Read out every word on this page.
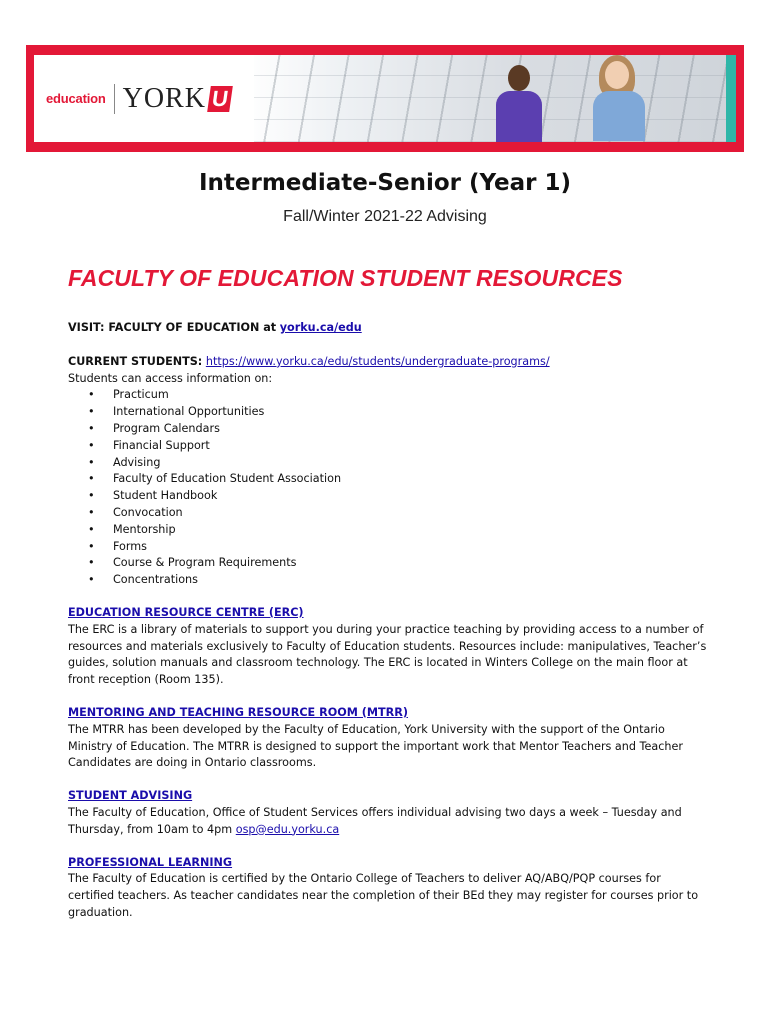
education YORK U
Intermediate-Senior (Year 1)
Fall/Winter 2021-22 Advising
FACULTY OF EDUCATION STUDENT RESOURCES
VISIT: FACULTY OF EDUCATION at yorku.ca/edu
CURRENT STUDENTS: https://www.yorku.ca/edu/students/undergraduate-programs/
Students can access information on:
• Practicum
• International Opportunities
• Program Calendars
• Financial Support
• Advising
• Faculty of Education Student Association
• Student Handbook
• Convocation
• Mentorship
• Forms
• Course & Program Requirements
• Concentrations
EDUCATION RESOURCE CENTRE (ERC)
The ERC is a library of materials to support you during your practice teaching by providing access to a number of resources and materials exclusively to Faculty of Education students. Resources include: manipulatives, Teacher’s guides, solution manuals and classroom technology. The ERC is located in Winters College on the main floor at front reception (Room 135).
MENTORING AND TEACHING RESOURCE ROOM (MTRR)
The MTRR has been developed by the Faculty of Education, York University with the support of the Ontario Ministry of Education. The MTRR is designed to support the important work that Mentor Teachers and Teacher Candidates are doing in Ontario classrooms.
STUDENT ADVISING
The Faculty of Education, Office of Student Services offers individual advising two days a week – Tuesday and Thursday, from 10am to 4pm osp@edu.yorku.ca
PROFESSIONAL LEARNING
The Faculty of Education is certified by the Ontario College of Teachers to deliver AQ/ABQ/PQP courses for certified teachers. As teacher candidates near the completion of their BEd they may register for courses prior to graduation.
